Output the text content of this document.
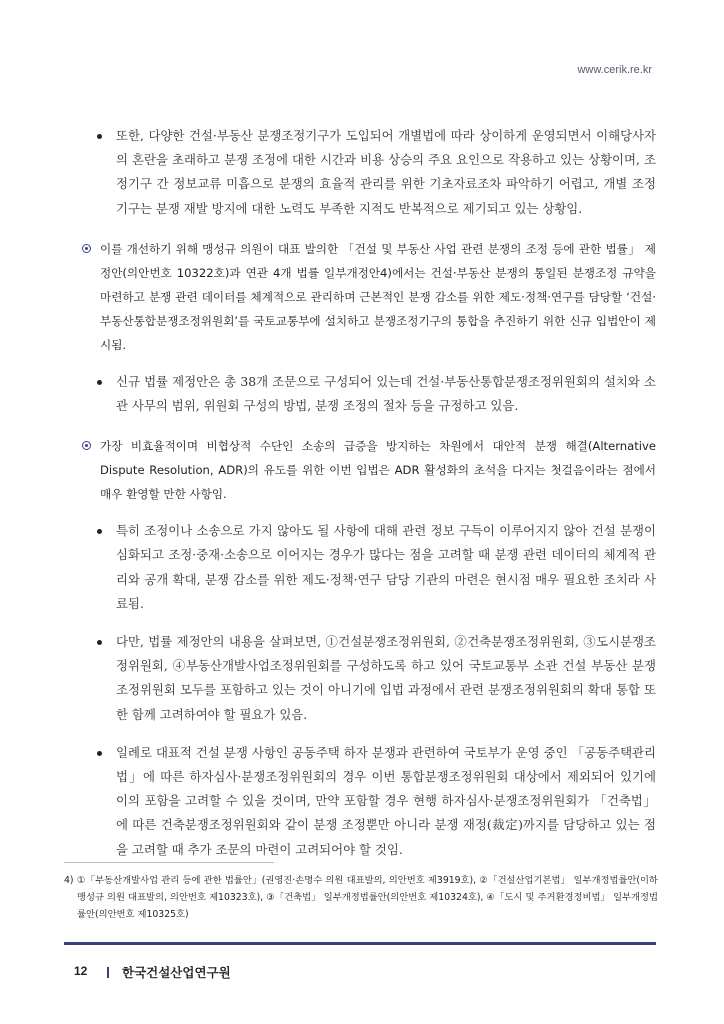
www.cerik.re.kr
또한, 다양한 건설·부동산 분쟁조정기구가 도입되어 개별법에 따라 상이하게 운영되면서 이해당사자의 혼란을 초래하고 분쟁 조정에 대한 시간과 비용 상승의 주요 요인으로 작용하고 있는 상황이며, 조정기구 간 정보교류 미흡으로 분쟁의 효율적 관리를 위한 기초자료조차 파악하기 어렵고, 개별 조정기구는 분쟁 재발 방지에 대한 노력도 부족한 지적도 반복적으로 제기되고 있는 상황임.
이를 개선하기 위해 맹성규 의원이 대표 발의한 「건설 및 부동산 사업 관련 분쟁의 조정 등에 관한 법률」 제정안(의안번호 10322호)과 연관 4개 법률 일부개정안4)에서는 건설·부동산 분쟁의 통일된 분쟁조정 규약을 마련하고 분쟁 관련 데이터를 체계적으로 관리하며 근본적인 분쟁 감소를 위한 제도·정책·연구를 담당할 ‘건설·부동산통합분쟁조정위원회’를 국토교통부에 설치하고 분쟁조정기구의 통합을 추진하기 위한 신규 입법안이 제시됨.
신규 법률 제정안은 총 38개 조문으로 구성되어 있는데 건설·부동산통합분쟁조정위원회의 설치와 소관 사무의 범위, 위원회 구성의 방법, 분쟁 조정의 절차 등을 규정하고 있음.
가장 비효율적이며 비협상적 수단인 소송의 급증을 방지하는 차원에서 대안적 분쟁 해결(Alternative Dispute Resolution, ADR)의 유도를 위한 이번 입법은 ADR 활성화의 초석을 다지는 첫걸음이라는 점에서 매우 환영할 만한 사항임.
특히 조정이나 소송으로 가지 않아도 될 사항에 대해 관련 정보 구득이 이루어지지 않아 건설 분쟁이 심화되고 조정·중재·소송으로 이어지는 경우가 많다는 점을 고려할 때 분쟁 관련 데이터의 체계적 관리와 공개 확대, 분쟁 감소를 위한 제도·정책·연구 담당 기관의 마련은 현시점 매우 필요한 조치라 사료됨.
다만, 법률 제정안의 내용을 살펴보면, ①건설분쟁조정위원회, ②건축분쟁조정위원회, ③도시분쟁조정위원회, ④부동산개발사업조정위원회를 구성하도록 하고 있어 국토교통부 소관 건설 부동산 분쟁조정위원회 모두를 포함하고 있는 것이 아니기에 입법 과정에서 관련 분쟁조정위원회의 확대 통합 또한 함께 고려하여야 할 필요가 있음.
일례로 대표적 건설 분쟁 사항인 공동주택 하자 분쟁과 관련하여 국토부가 운영 중인 「공동주택관리법」에 따른 하자심사·분쟁조정위원회의 경우 이번 통합분쟁조정위원회 대상에서 제외되어 있기에 이의 포함을 고려할 수 있을 것이며, 만약 포함할 경우 현행 하자심사·분쟁조정위원회가 「건축법」에 따른 건축분쟁조정위원회와 같이 분쟁 조정뿐만 아니라 분쟁 재정(裁定)까지를 담당하고 있는 점을 고려할 때 추가 조문의 마련이 고려되어야 할 것임.
4) ①「부동산개발사업 관리 등에 관한 법률안」(권영진‧손명수 의원 대표발의, 의안번호 제3919호), ②「건설산업기본법」 일부개정법률안(이하 맹성규 의원 대표발의, 의안번호 제10323호), ③「건축법」 일부개정법률안(의안번호 제10324호), ④「도시 및 주거환경정비법」 일부개정법률안(의안번호 제10325호)
12	한국건설산업연구원
